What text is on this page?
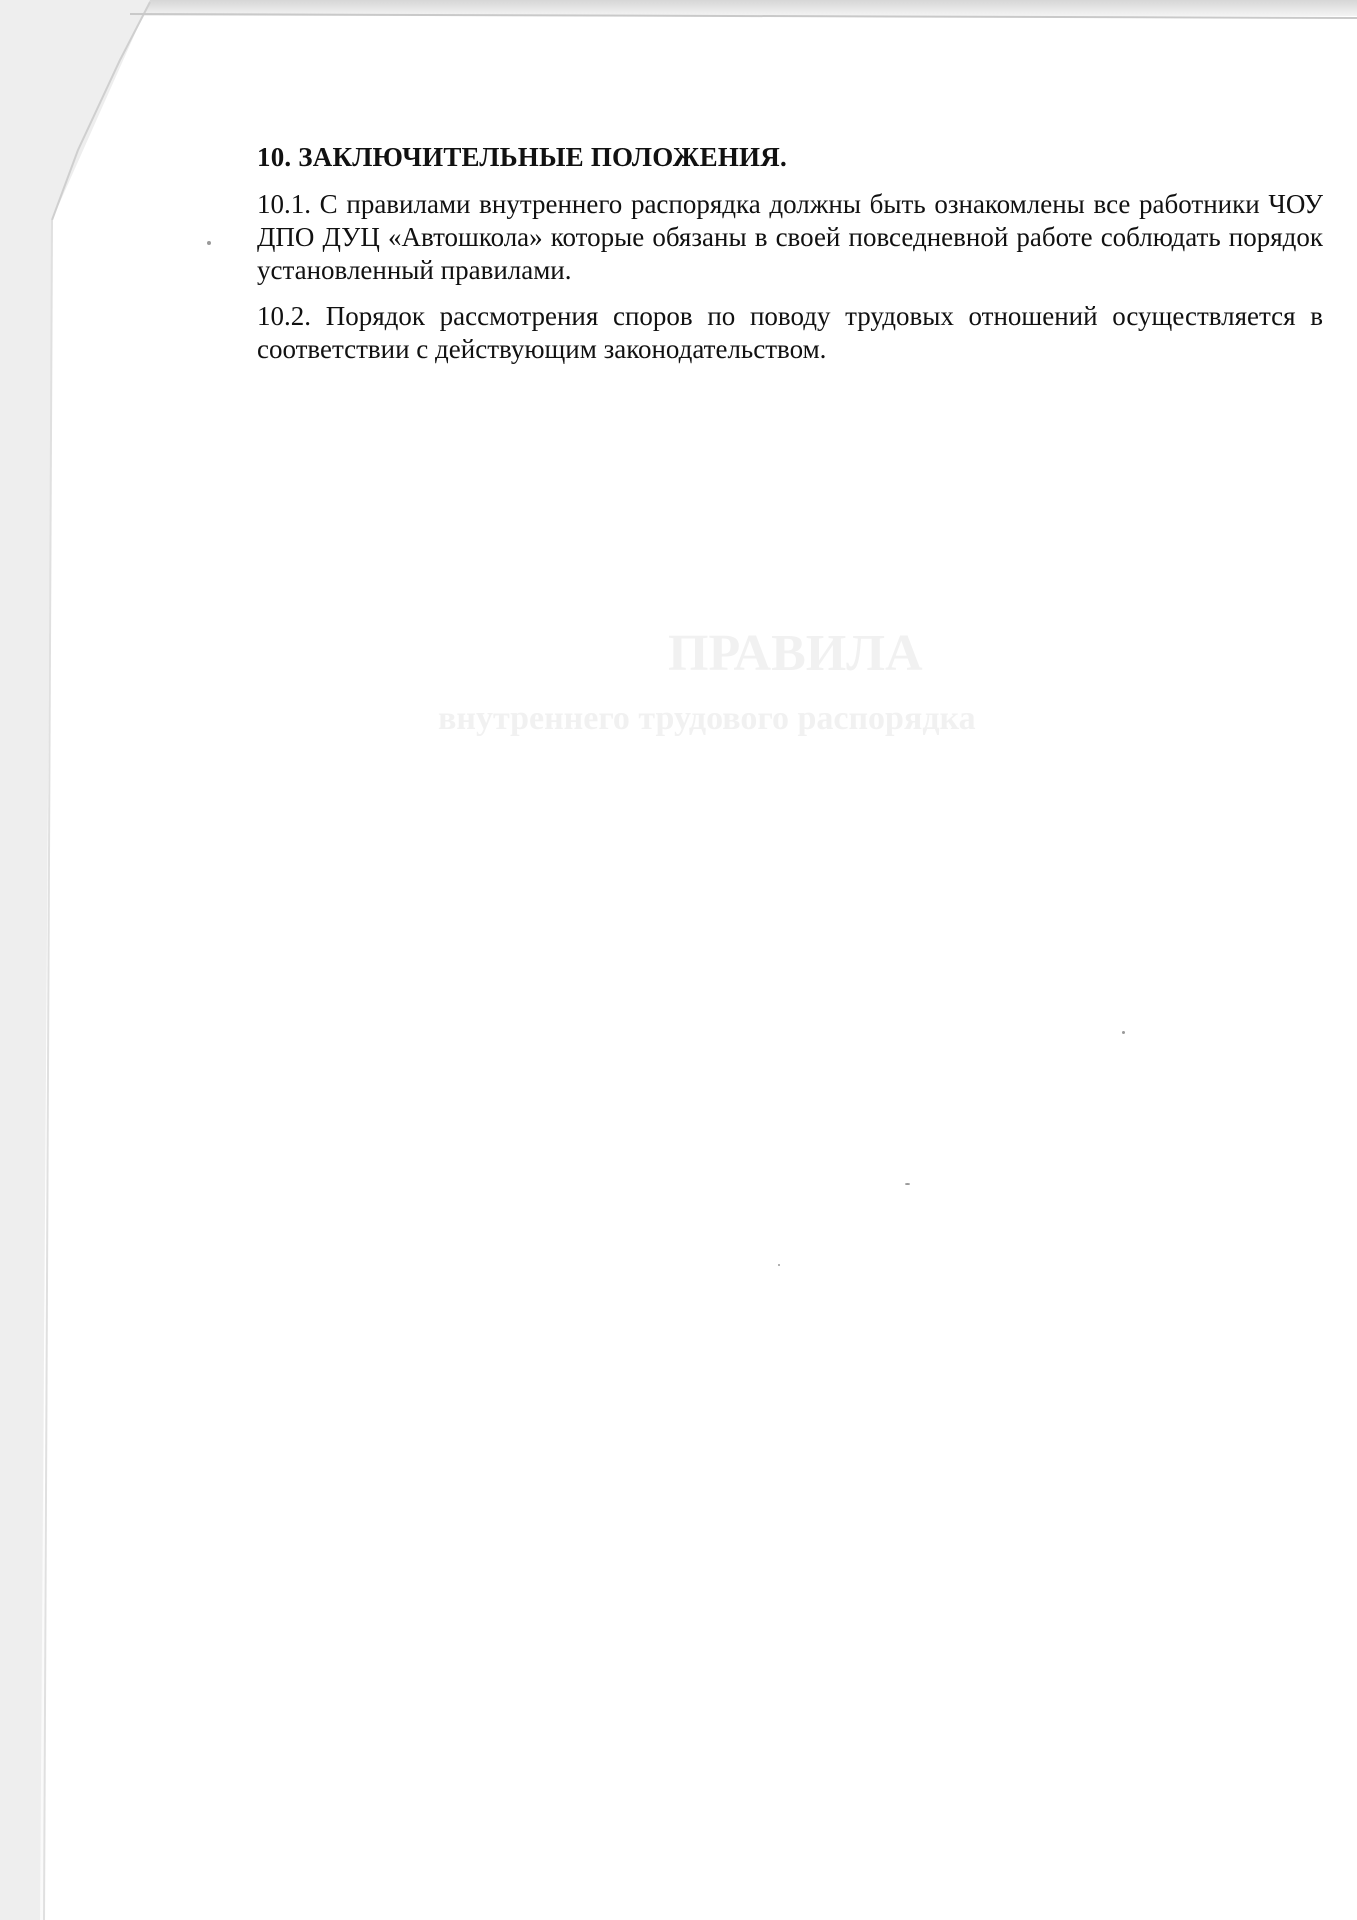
ПРАВИЛА
внутреннего трудового распорядка
10. ЗАКЛЮЧИТЕЛЬНЫЕ ПОЛОЖЕНИЯ.

10.1. С правилами внутреннего распорядка должны быть ознакомлены все работники ЧОУ ДПО ДУЦ «Автошкола» которые обязаны в своей повседневной работе соблюдать порядок установленный правилами.

10.2. Порядок рассмотрения споров по поводу трудовых отношений осуществляется в соответствии с действующим законодательством.
